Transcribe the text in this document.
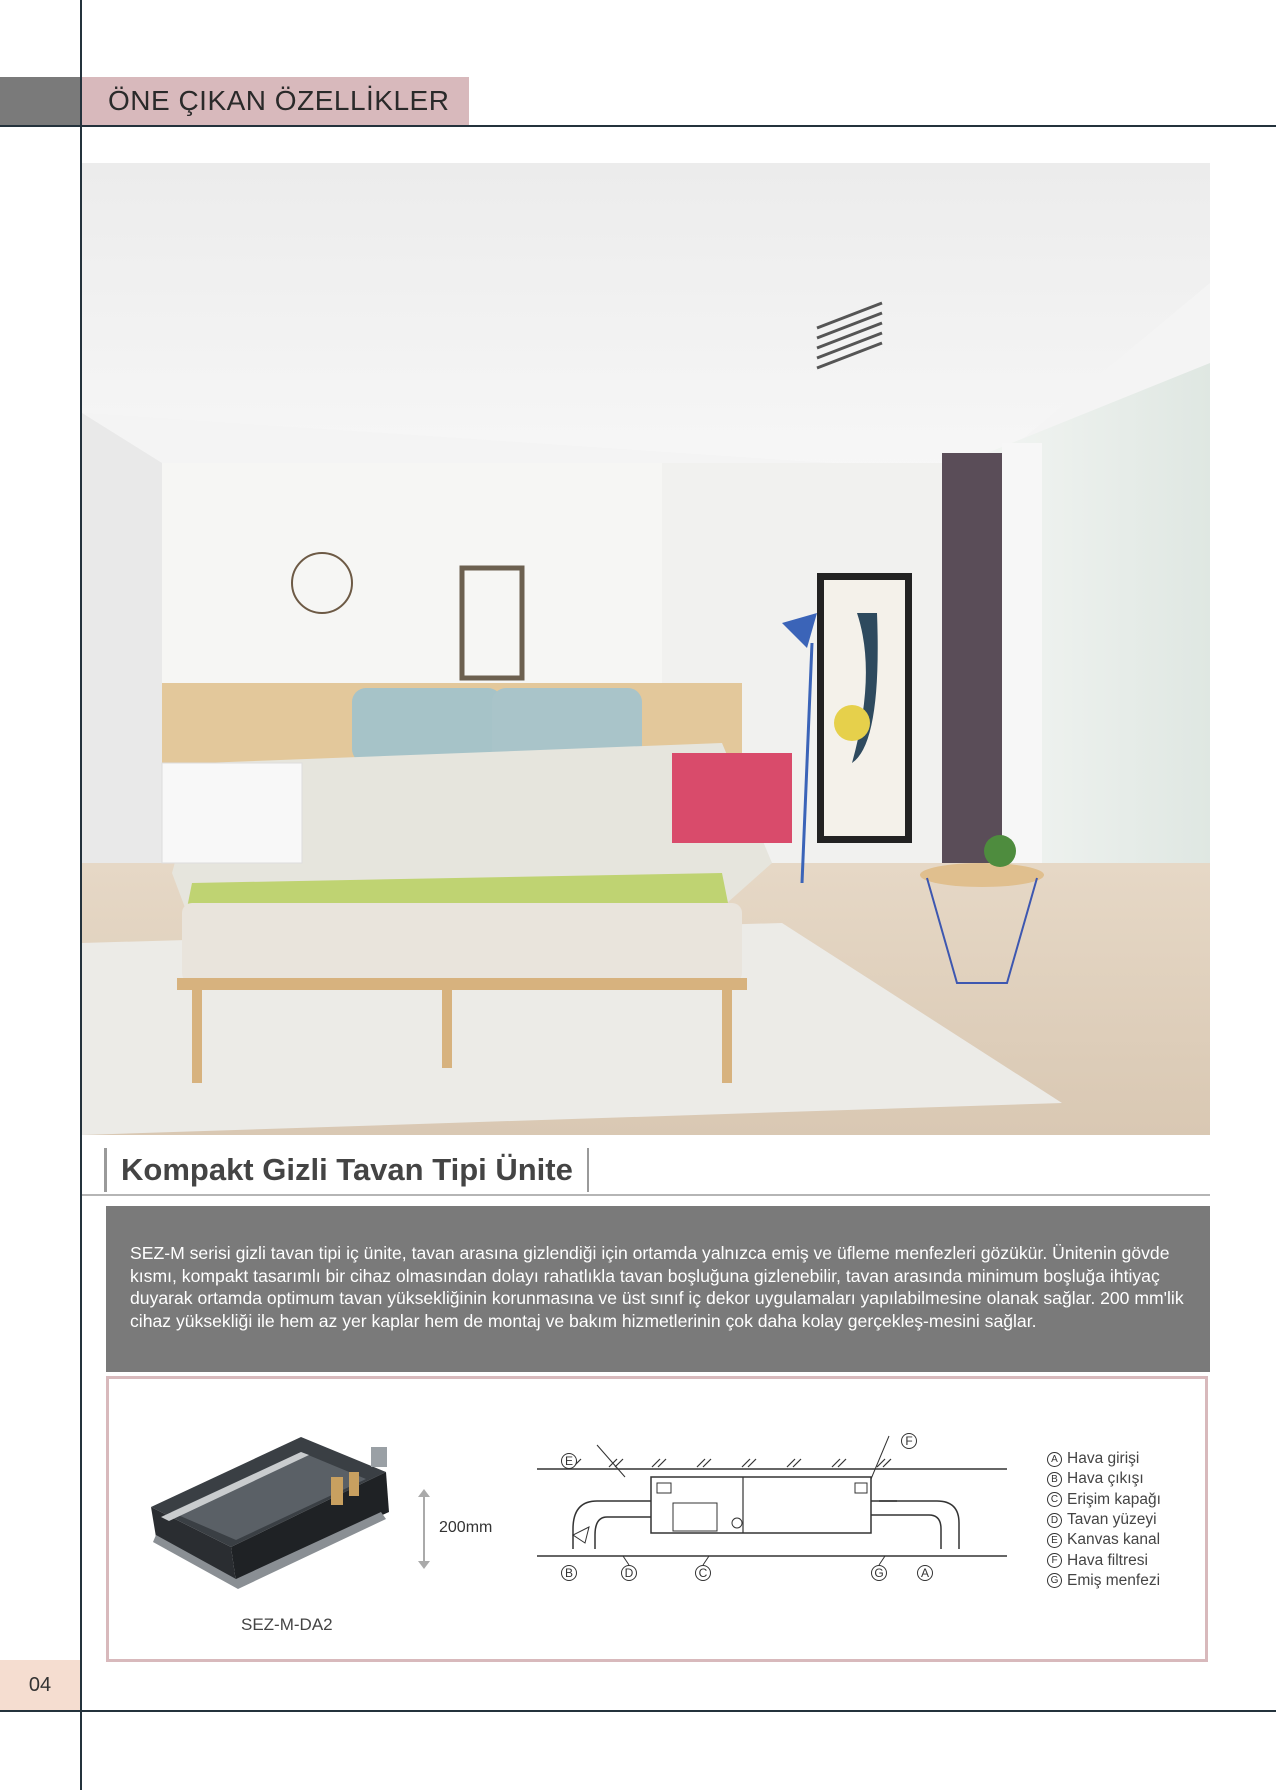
ÖNE ÇIKAN ÖZELLİKLER
Kompakt Gizli Tavan Tipi Ünite
SEZ-M serisi gizli tavan tipi iç ünite, tavan arasına gizlendiği için ortamda yalnızca emiş ve üfleme menfezleri gözükür. Ünitenin gövde kısmı, kompakt tasarımlı bir cihaz olmasından dolayı rahatlıkla tavan boşluğuna gizlenebilir, tavan arasında minimum boşluğa ihtiyaç duyarak ortamda optimum tavan yüksekliğinin korunmasına ve üst sınıf iç dekor uygulamaları yapılabilmesine olanak sağlar. 200 mm'lik cihaz yüksekliği ile hem az yer kaplar hem de montaj ve bakım hizmetlerinin çok daha kolay gerçekleş-mesini sağlar.
200mm
SEZ-M-DA2
B	D	C
E
F
G	A
A Hava girişi
B Hava çıkışı
C Erişim kapağı
D Tavan yüzeyi
E Kanvas kanal
F Hava filtresi
G Emiş menfezi
04
